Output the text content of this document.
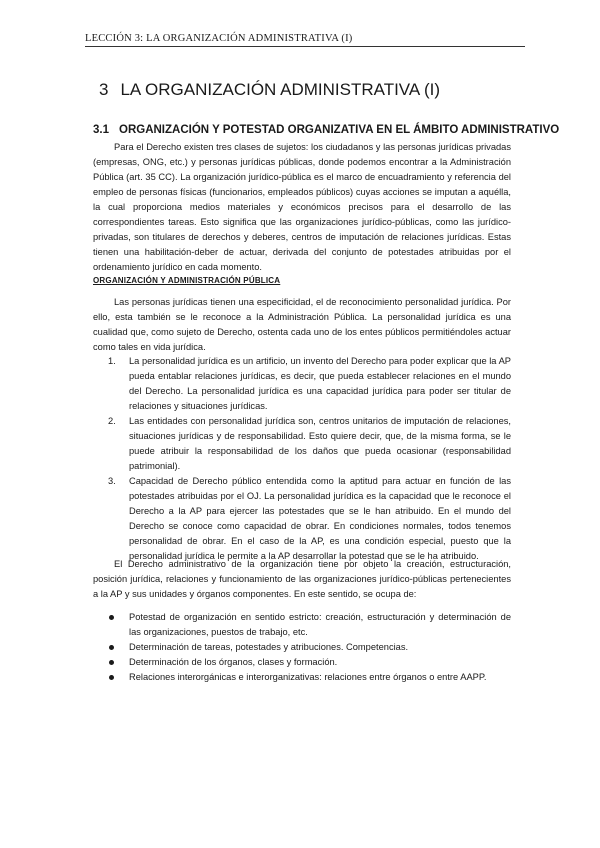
LECCIÓN 3: LA ORGANIZACIÓN ADMINISTRATIVA (I)
3 LA ORGANIZACIÓN ADMINISTRATIVA (I)
3.1 ORGANIZACIÓN Y POTESTAD ORGANIZATIVA EN EL ÁMBITO ADMINISTRATIVO

Para el Derecho existen tres clases de sujetos: los ciudadanos y las personas jurídicas privadas (empresas, ONG, etc.) y personas jurídicas públicas, donde podemos encontrar a la Administración Pública (art. 35 CC). La organización jurídico-pública es el marco de encuadramiento y referencia del empleo de personas físicas (funcionarios, empleados públicos) cuyas acciones se imputan a aquélla, la cual proporciona medios materiales y económicos precisos para el desarrollo de las correspondientes tareas. Esto significa que las organizaciones jurídico-públicas, como las jurídico-privadas, son titulares de derechos y deberes, centros de imputación de relaciones jurídicas. Estas tienen una habilitación-deber de actuar, derivada del conjunto de potestades atribuidas por el ordenamiento jurídico en cada momento.

ORGANIZACIÓN Y ADMINISTRACIÓN PÚBLICA

Las personas jurídicas tienen una especificidad, el de reconocimiento personalidad jurídica. Por ello, esta también se le reconoce a la Administración Pública. La personalidad jurídica es una cualidad que, como sujeto de Derecho, ostenta cada uno de los entes públicos permitiéndoles actuar como tales en vida jurídica.

1. La personalidad jurídica es un artificio, un invento del Derecho para poder explicar que la AP pueda entablar relaciones jurídicas, es decir, que pueda establecer relaciones en el mundo del Derecho. La personalidad jurídica es una capacidad jurídica para poder ser titular de relaciones y situaciones jurídicas.
2. Las entidades con personalidad jurídica son, centros unitarios de imputación de relaciones, situaciones jurídicas y de responsabilidad. Esto quiere decir, que, de la misma forma, se le puede atribuir la responsabilidad de los daños que pueda ocasionar (responsabilidad patrimonial).
3. Capacidad de Derecho público entendida como la aptitud para actuar en función de las potestades atribuidas por el OJ. La personalidad jurídica es la capacidad que le reconoce el Derecho a la AP para ejercer las potestades que se le han atribuido. En el mundo del Derecho se conoce como capacidad de obrar. En condiciones normales, todos tenemos personalidad de obrar. En el caso de la AP, es una condición especial, puesto que la personalidad jurídica le permite a la AP desarrollar la potestad que se le ha atribuido.

El Derecho administrativo de la organización tiene por objeto la creación, estructuración, posición jurídica, relaciones y funcionamiento de las organizaciones jurídico-públicas pertenecientes a la AP y sus unidades y órganos componentes. En este sentido, se ocupa de:

Potestad de organización en sentido estricto: creación, estructuración y determinación de las organizaciones, puestos de trabajo, etc.
Determinación de tareas, potestades y atribuciones. Competencias.
Determinación de los órganos, clases y formación.
Relaciones interorgánicas e interorganizativas: relaciones entre órganos o entre AAPP.
